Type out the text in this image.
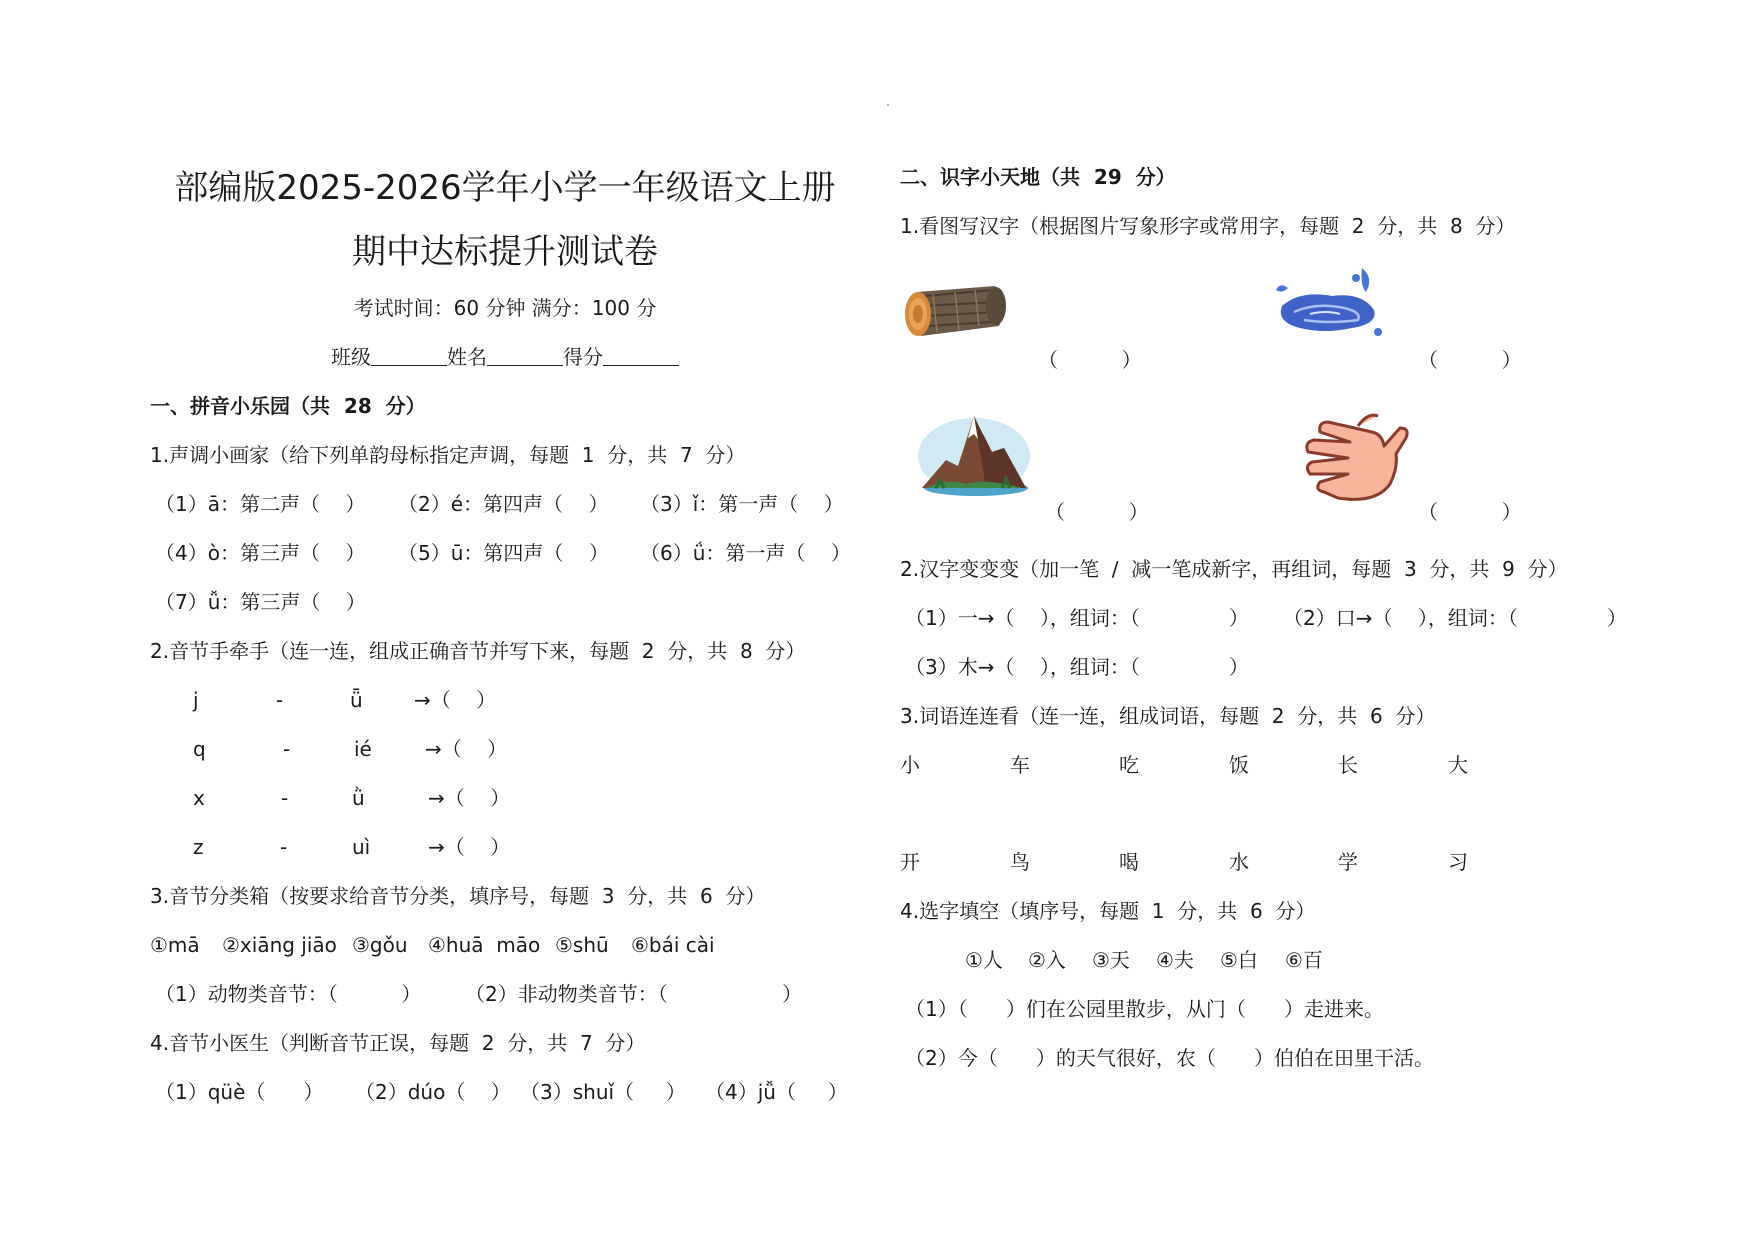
部编版2025-2026学年小学一年级语文上册
期中达标提升测试卷
考试时间：60 分钟 满分：100 分
班级	姓名	得分
一、拼音小乐园（共  28  分）
1.声调小画家（给下列单韵母标指定声调，每题  1  分，共  7  分）
（1）ā：第二声（    ） （2）é：第四声（    ） （3）ǐ：第一声（    ）
（4）ò：第三声（    ） （5）ū：第四声（    ） （6）ǘ：第一声（    ）
（7）ǚ：第三声（    ）
2.音节手牵手（连一连，组成正确音节并写下来，每题  2  分，共  8  分）
j	-	ǖ	→（    ）
q	-	ié	→（    ）
x	-	ǜ	→（    ）
z	-	uì	→（    ）
3.音节分类箱（按要求给音节分类，填序号，每题  3  分，共  6  分）
①mā ②xiāng jiāo ③gǒu ④huā  māo ⑤shū ⑥bái cài
（1）动物类音节：（          ） （2）非动物类音节：（                  ）
4.音节小医生（判断音节正误，每题  2  分，共  7  分）
（1）qüè（      ） （2）dúo（    ） （3）shuǐ（     ） （4）jǚ（     ）
二、识字小天地（共  29  分）
1.看图写汉字（根据图片写象形字或常用字，每题  2  分，共  8  分）
（          ）	（          ）
（          ）	（          ）
2.汉字变变变（加一笔  /  减一笔成新字，再组词，每题  3  分，共  9  分）
（1）一→（    ），组词：（              ） （2）口→（    ），组词：（              ）
（3）木→（    ），组词：（              ）
3.词语连连看（连一连，组成词语，每题  2  分，共  6  分）
小	车	吃	饭	长	大
开	鸟	喝	水	学	习
4.选字填空（填序号，每题  1  分，共  6  分）
①人 ②入 ③天 ④夫 ⑤白 ⑥百
（1）（      ）们在公园里散步，从门（      ）走进来。
（2）今（      ）的天气很好，农（      ）伯伯在田里干活。
